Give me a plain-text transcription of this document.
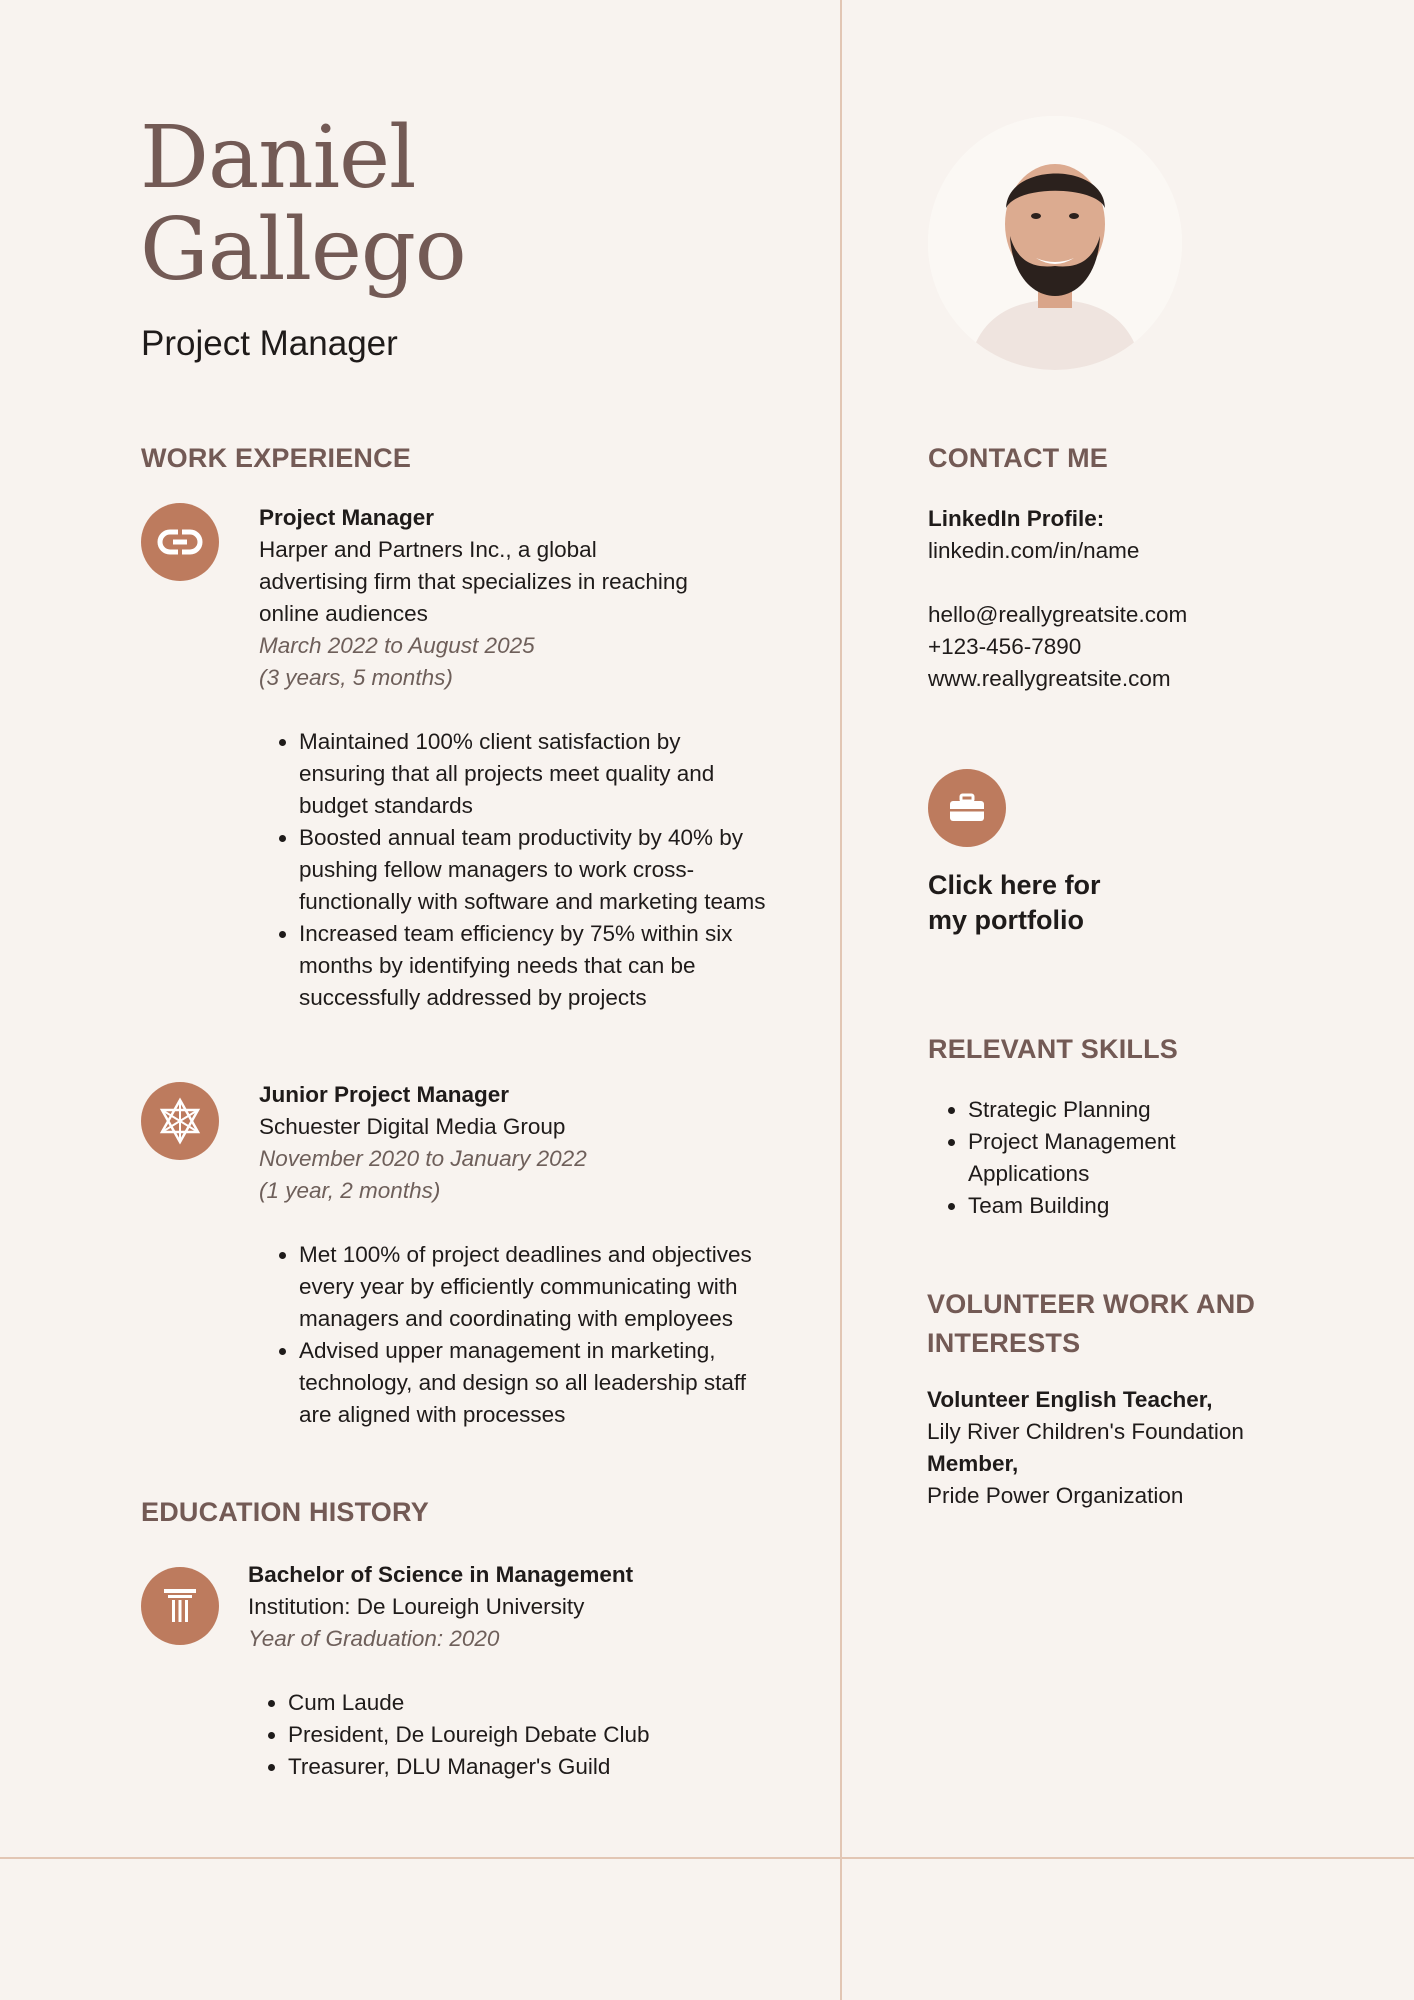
Daniel
Gallego
Project Manager
WORK EXPERIENCE
Project Manager
Harper and Partners Inc., a global
advertising firm that specializes in reaching
online audiences
March 2022 to August 2025
(3 years, 5 months)
• Maintained 100% client satisfaction by ensuring that all projects meet quality and budget standards
• Boosted annual team productivity by 40% by pushing fellow managers to work cross-functionally with software and marketing teams
• Increased team efficiency by 75% within six months by identifying needs that can be successfully addressed by projects
Junior Project Manager
Schuester Digital Media Group
November 2020 to January 2022
(1 year, 2 months)
• Met 100% of project deadlines and objectives every year by efficiently communicating with managers and coordinating with employees
• Advised upper management in marketing, technology, and design so all leadership staff are aligned with processes
EDUCATION HISTORY
Bachelor of Science in Management
Institution: De Loureigh University
Year of Graduation: 2020
• Cum Laude
• President, De Loureigh Debate Club
• Treasurer, DLU Manager's Guild
CONTACT ME
LinkedIn Profile:
linkedin.com/in/name
hello@reallygreatsite.com
+123-456-7890
www.reallygreatsite.com
Click here for
my portfolio
RELEVANT SKILLS
• Strategic Planning
• Project Management Applications
• Team Building
VOLUNTEER WORK AND
INTERESTS
Volunteer English Teacher,
Lily River Children's Foundation
Member,
Pride Power Organization
